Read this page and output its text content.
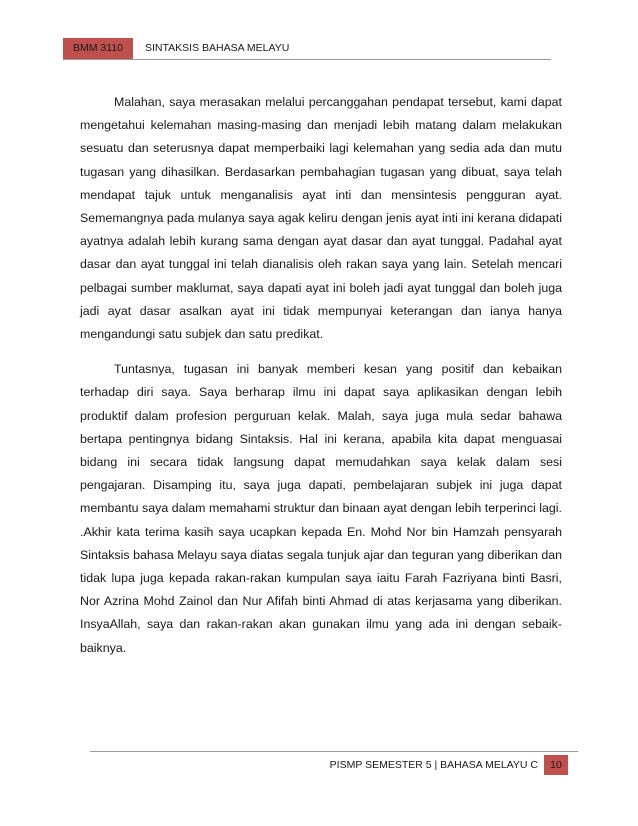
BMM 3110	SINTAKSIS BAHASA MELAYU

Malahan, saya merasakan melalui percanggahan pendapat tersebut, kami dapat mengetahui kelemahan masing-masing dan menjadi lebih matang dalam melakukan sesuatu dan seterusnya dapat memperbaiki lagi kelemahan yang sedia ada dan mutu tugasan yang dihasilkan. Berdasarkan pembahagian tugasan yang dibuat, saya telah mendapat tajuk untuk menganalisis ayat inti dan mensintesis pengguran ayat. Sememangnya pada mulanya saya agak keliru dengan jenis ayat inti ini kerana didapati ayatnya adalah lebih kurang sama dengan ayat dasar dan ayat tunggal. Padahal ayat dasar dan ayat tunggal ini telah dianalisis oleh rakan saya yang lain. Setelah mencari pelbagai sumber maklumat, saya dapati ayat ini boleh jadi ayat tunggal dan boleh juga jadi ayat dasar asalkan ayat ini tidak mempunyai keterangan dan ianya hanya mengandungi satu subjek dan satu predikat.

Tuntasnya, tugasan ini banyak memberi kesan yang positif dan kebaikan terhadap diri saya. Saya berharap ilmu ini dapat saya aplikasikan dengan lebih produktif dalam profesion perguruan kelak. Malah, saya juga mula sedar bahawa bertapa pentingnya bidang Sintaksis. Hal ini kerana, apabila kita dapat menguasai bidang ini secara tidak langsung dapat memudahkan saya kelak dalam sesi pengajaran. Disamping itu, saya juga dapati, pembelajaran subjek ini juga dapat membantu saya dalam memahami struktur dan binaan ayat dengan lebih terperinci lagi. .Akhir kata terima kasih saya ucapkan kepada En. Mohd Nor bin Hamzah pensyarah Sintaksis bahasa Melayu saya diatas segala tunjuk ajar dan teguran yang diberikan dan tidak lupa juga kepada rakan-rakan kumpulan saya iaitu Farah Fazriyana binti Basri, Nor Azrina Mohd Zainol dan Nur Afifah binti Ahmad di atas kerjasama yang diberikan. InsyaAllah, saya dan rakan-rakan akan gunakan ilmu yang ada ini dengan sebaik-baiknya.

PISMP SEMESTER 5 | BAHASA MELAYU C	10
